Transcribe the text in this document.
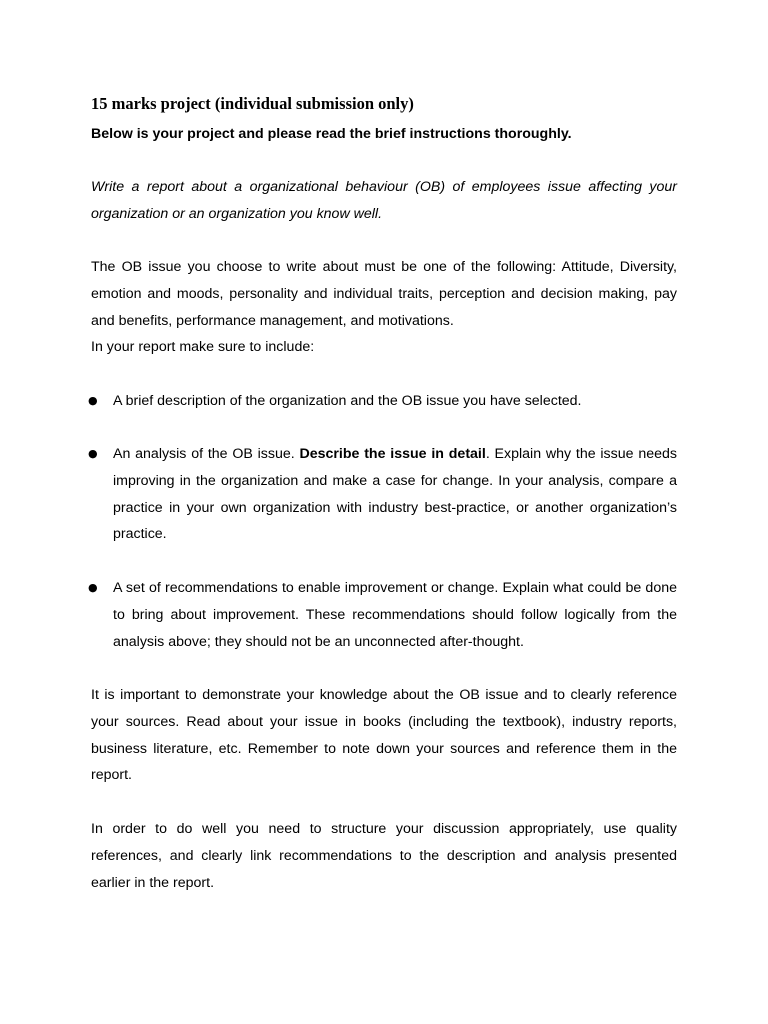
15 marks project (individual submission only)
Below is your project and please read the brief instructions thoroughly.

Write a report about a organizational behaviour (OB) of employees issue affecting your organization or an organization you know well.

The OB issue you choose to write about must be one of the following: Attitude, Diversity, emotion and moods, personality and individual traits, perception and decision making, pay and benefits, performance management, and motivations.

In your report make sure to include:

● A brief description of the organization and the OB issue you have selected.

● An analysis of the OB issue. Describe the issue in detail. Explain why the issue needs improving in the organization and make a case for change. In your analysis, compare a practice in your own organization with industry best-practice, or another organization’s practice.

● A set of recommendations to enable improvement or change. Explain what could be done to bring about improvement. These recommendations should follow logically from the analysis above; they should not be an unconnected after-thought.

It is important to demonstrate your knowledge about the OB issue and to clearly reference your sources. Read about your issue in books (including the textbook), industry reports, business literature, etc. Remember to note down your sources and reference them in the report.

In order to do well you need to structure your discussion appropriately, use quality references, and clearly link recommendations to the description and analysis presented earlier in the report.
